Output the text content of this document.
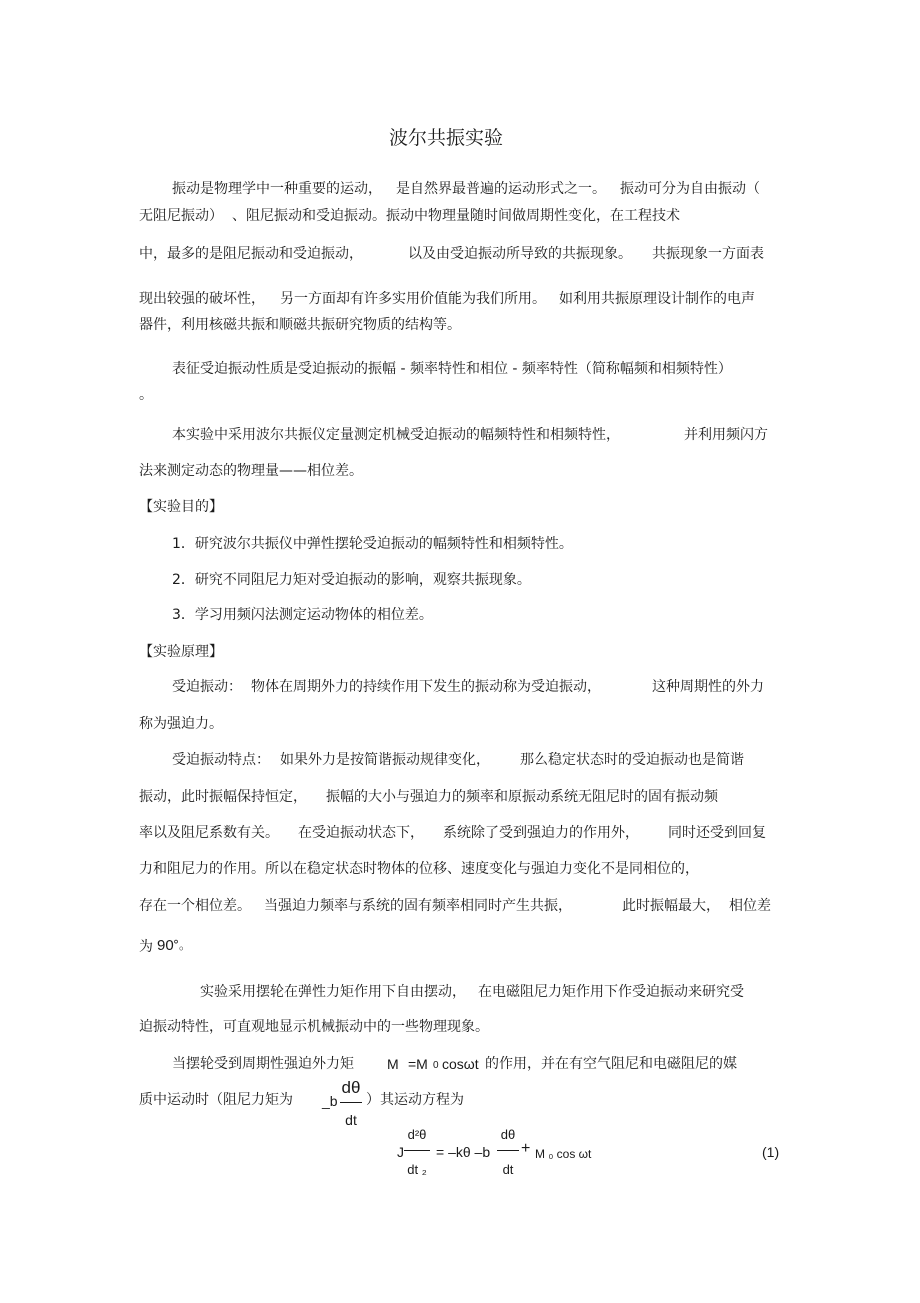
波尔共振实验
振动是物理学中一种重要的运动， 是自然界最普遍的运动形式之一。 振动可分为自由振动（
无阻尼振动） 、阻尼振动和受迫振动。振动中物理量随时间做周期性变化，在工程技术
中，最多的是阻尼振动和受迫振动，	以及由受迫振动所导致的共振现象。 共振现象一方面表
现出较强的破坏性， 另一方面却有许多实用价值能为我们所用。 如利用共振原理设计制作的电声
器件，利用核磁共振和顺磁共振研究物质的结构等。
表征受迫振动性质是受迫振动的振幅 - 频率特性和相位 - 频率特性（简称幅频和相频特性）
。
本实验中采用波尔共振仪定量测定机械受迫振动的幅频特性和相频特性，	并利用频闪方
法来测定动态的物理量——相位差。
【实验目的】
1．研究波尔共振仪中弹性摆轮受迫振动的幅频特性和相频特性。
2．研究不同阻尼力矩对受迫振动的影响，观察共振现象。
3．学习用频闪法测定运动物体的相位差。
【实验原理】
受迫振动： 物体在周期外力的持续作用下发生的振动称为受迫振动，	这种周期性的外力
称为强迫力。
受迫振动特点： 如果外力是按简谐振动规律变化， 那么稳定状态时的受迫振动也是简谐
振动，此时振幅保持恒定， 振幅的大小与强迫力的频率和原振动系统无阻尼时的固有振动频
率以及阻尼系数有关。 在受迫振动状态下， 系统除了受到强迫力的作用外， 同时还受到回复
力和阻尼力的作用。所以在稳定状态时物体的位移、速度变化与强迫力变化不是同相位的，
存在一个相位差。 当强迫力频率与系统的固有频率相同时产生共振，	此时振幅最大， 相位差
为 90 °。
实验采用摆轮在弹性力矩作用下自由摆动， 在电磁阻尼力矩作用下作受迫振动来研究受
迫振动特性，可直观地显示机械振动中的一些物理现象。
当摆轮受到周期性强迫外力矩 M =M 0 cosωt 的作用，并在有空气阻尼和电磁阻尼的媒
质中运动时（阻尼力矩为 _b
dθ
dt
）其运动方程为
J
d²θ
dt ₂
= –kθ –b
dθ
dt
+ M ₀ cos ωt	(1)
